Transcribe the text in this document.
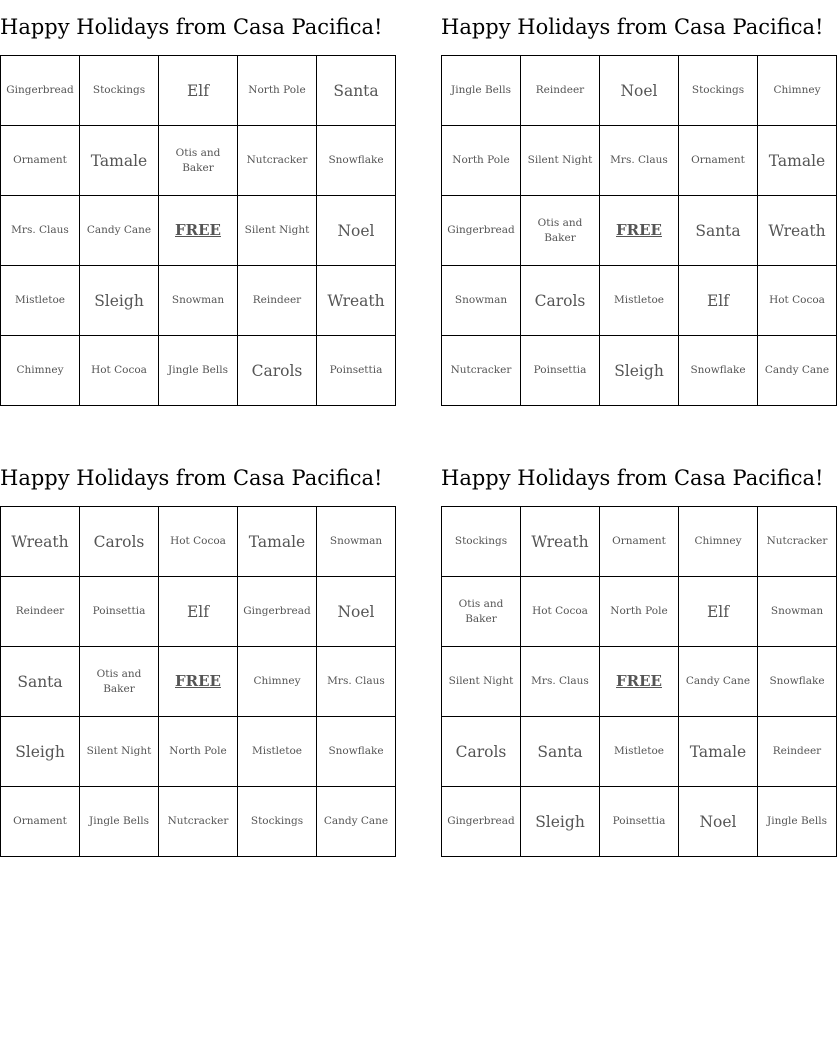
Happy Holidays from Casa Pacifica!
Gingerbread	Stockings	Elf	North Pole	Santa
Ornament	Tamale	Otis and Baker	Nutcracker	Snowflake
Mrs. Claus	Candy Cane	FREE	Silent Night	Noel
Mistletoe	Sleigh	Snowman	Reindeer	Wreath
Chimney	Hot Cocoa	Jingle Bells	Carols	Poinsettia
Happy Holidays from Casa Pacifica!
Jingle Bells	Reindeer	Noel	Stockings	Chimney
North Pole	Silent Night	Mrs. Claus	Ornament	Tamale
Gingerbread	Otis and Baker	FREE	Santa	Wreath
Snowman	Carols	Mistletoe	Elf	Hot Cocoa
Nutcracker	Poinsettia	Sleigh	Snowflake	Candy Cane
Happy Holidays from Casa Pacifica!
Wreath	Carols	Hot Cocoa	Tamale	Snowman
Reindeer	Poinsettia	Elf	Gingerbread	Noel
Santa	Otis and Baker	FREE	Chimney	Mrs. Claus
Sleigh	Silent Night	North Pole	Mistletoe	Snowflake
Ornament	Jingle Bells	Nutcracker	Stockings	Candy Cane
Happy Holidays from Casa Pacifica!
Stockings	Wreath	Ornament	Chimney	Nutcracker
Otis and Baker	Hot Cocoa	North Pole	Elf	Snowman
Silent Night	Mrs. Claus	FREE	Candy Cane	Snowflake
Carols	Santa	Mistletoe	Tamale	Reindeer
Gingerbread	Sleigh	Poinsettia	Noel	Jingle Bells
